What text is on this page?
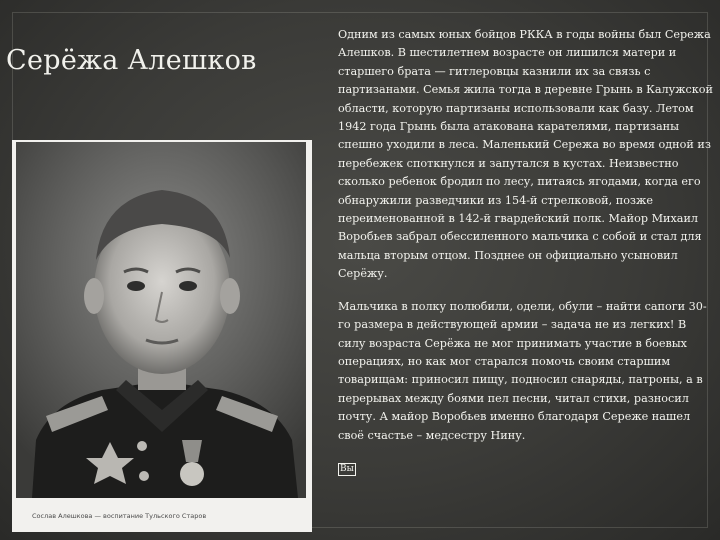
Серёжа Алешков
Сослав Алешкова — воспитание Тульского Старов

Одним из самых юных бойцов РККА в годы войны был Сережа Алешков. В шестилетнем возрасте он лишился матери и старшего брата — гитлеровцы казнили их за связь с партизанами. Семья жила тогда в деревне Грынь в Калужской области, которую партизаны использовали как базу. Летом 1942 года Грынь была атакована карателями, партизаны спешно уходили в леса. Маленький Сережа во время одной из перебежек споткнулся и запутался в кустах. Неизвестно сколько ребенок бродил по лесу, питаясь ягодами, когда его обнаружили разведчики из 154-й стрелковой, позже переименованной в 142-й гвардейский полк. Майор Михаил Воробьев забрал обессиленного мальчика с собой и стал для мальца вторым отцом. Позднее он официально усыновил Серёжу.

Мальчика в полку полюбили, одели, обули – найти сапоги 30-го размера в действующей армии – задача не из легких! В силу возраста Серёжа не мог принимать участие в боевых операциях, но как мог старался помочь своим старшим товарищам: приносил пищу, подносил снаряды, патроны, а в перерывах между боями пел песни, читал стихи, разносил почту. А майор Воробьев именно благодаря Сереже нашел своё счастье – медсестру Нину.

Вы
